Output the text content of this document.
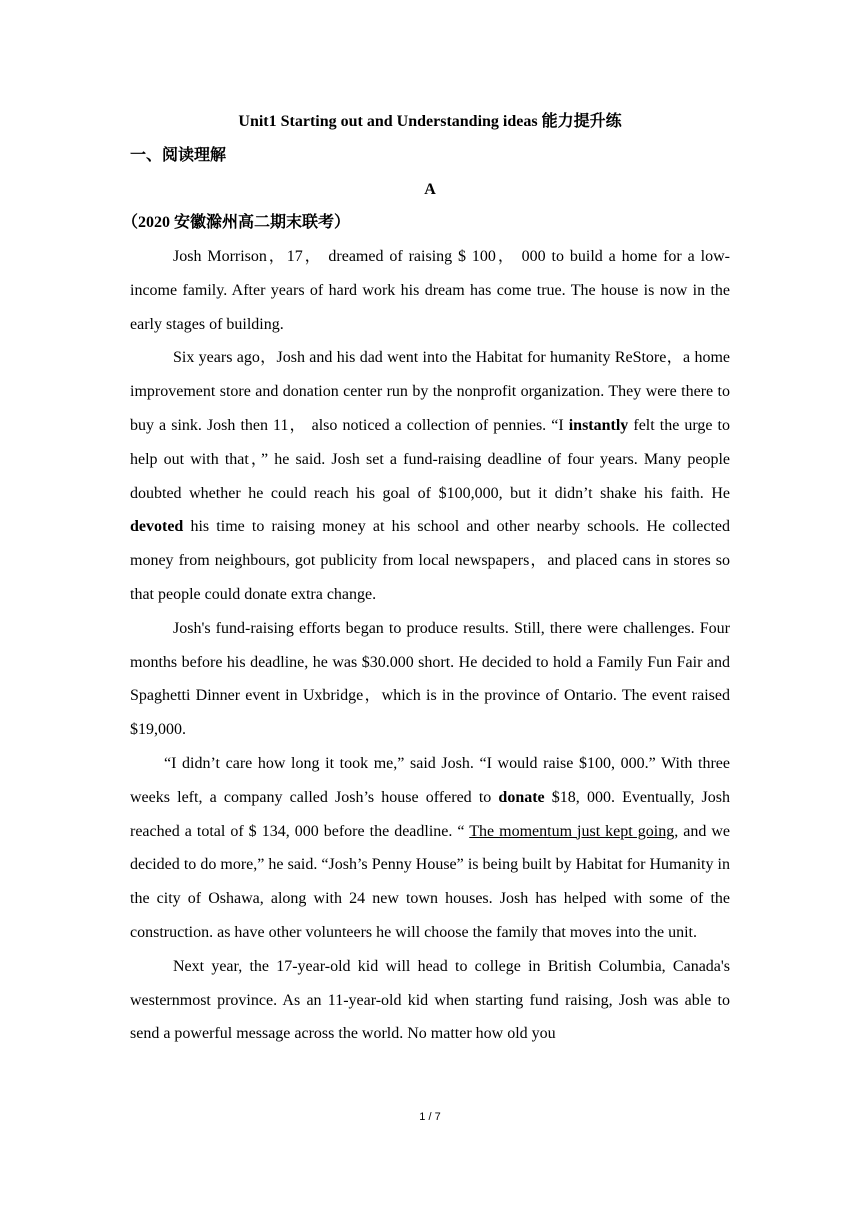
Unit1 Starting out and Understanding ideas 能力提升练
一、阅读理解
A
（2020 安徽滁州高二期末联考）

Josh Morrison，17， dreamed of raising $ 100， 000 to build a home for a low-income family. After years of hard work his dream has come true. The house is now in the early stages of building.

Six years ago，Josh and his dad went into the Habitat for humanity ReStore，a home improvement store and donation center run by the nonprofit organization. They were there to buy a sink. Josh then 11， also noticed a collection of pennies. “I instantly felt the urge to help out with that，” he said. Josh set a fund-raising deadline of four years. Many people doubted whether he could reach his goal of $100,000, but it didn’t shake his faith. He devoted his time to raising money at his school and other nearby schools. He collected money from neighbours, got publicity from local newspapers，and placed cans in stores so that people could donate extra change.

Josh's fund-raising efforts began to produce results. Still, there were challenges. Four months before his deadline, he was $30.000 short. He decided to hold a Family Fun Fair and Spaghetti Dinner event in Uxbridge，which is in the province of Ontario. The event raised $19,000.

“I didn’t care how long it took me,” said Josh. “I would raise $100, 000.” With three weeks left, a company called Josh’s house offered to donate $18, 000. Eventually, Josh reached a total of $ 134, 000 before the deadline. “ The momentum just kept going, and we decided to do more,” he said. “Josh’s Penny House” is being built by Habitat for Humanity in the city of Oshawa, along with 24 new town houses. Josh has helped with some of the construction. as have other volunteers he will choose the family that moves into the unit.

Next year, the 17-year-old kid will head to college in British Columbia, Canada's westernmost province. As an 11-year-old kid when starting fund raising, Josh was able to send a powerful message across the world. No matter how old you

1 / 7
